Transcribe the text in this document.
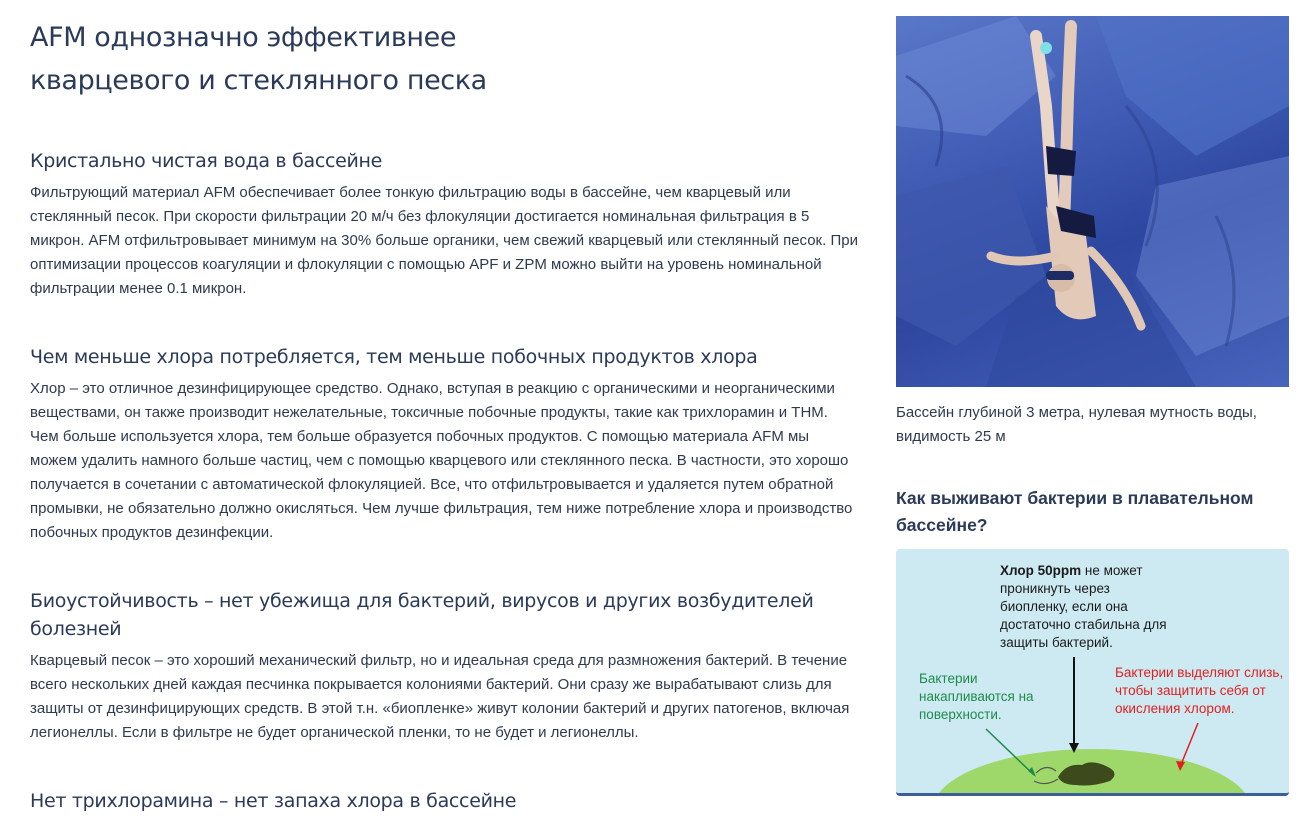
AFM однозначно эффективнее кварцевого и стеклянного песка
Кристально чистая вода в бассейне

Фильтрующий материал AFM обеспечивает более тонкую фильтрацию воды в бассейне, чем кварцевый или стеклянный песок. При скорости фильтрации 20 м/ч без флокуляции достигается номинальная фильтрация в 5 микрон. AFM отфильтровывает минимум на 30% больше органики, чем свежий кварцевый или стеклянный песок. При оптимизации процессов коагуляции и флокуляции с помощью APF и ZPM можно выйти на уровень номинальной фильтрации менее 0.1 микрон.

Чем меньше хлора потребляется, тем меньше побочных продуктов хлора

Хлор – это отличное дезинфицирующее средство. Однако, вступая в реакцию с органическими и неорганическими веществами, он также производит нежелательные, токсичные побочные продукты, такие как трихлорамин и ТНМ. Чем больше используется хлора, тем больше образуется побочных продуктов. С помощью материала AFM мы можем удалить намного больше частиц, чем с помощью кварцевого или стеклянного песка. В частности, это хорошо получается в сочетании с автоматической флокуляцией. Все, что отфильтровывается и удаляется путем обратной промывки, не обязательно должно окисляться. Чем лучше фильтрация, тем ниже потребление хлора и производство побочных продуктов дезинфекции.

Биоустойчивость – нет убежища для бактерий, вирусов и других возбудителей болезней

Кварцевый песок – это хороший механический фильтр, но и идеальная среда для размножения бактерий. В течение всего нескольких дней каждая песчинка покрывается колониями бактерий. Они сразу же вырабатывают слизь для защиты от дезинфицирующих средств. В этой т.н. «биопленке» живут колонии бактерий и других патогенов, включая легионеллы. Если в фильтре не будет органической пленки, то не будет и легионеллы.

Нет трихлорамина – нет запаха хлора в бассейне
Бассейн глубиной 3 метра, нулевая мутность воды, видимость 25 м
Как выживают бактерии в плавательном бассейне?
Хлор 50ppm не может проникнуть через биопленку, если она достаточно стабильна для защиты бактерий.
Бактерии накапливаются на поверхности.
Бактерии выделяют слизь, чтобы защитить себя от окисления хлором.
